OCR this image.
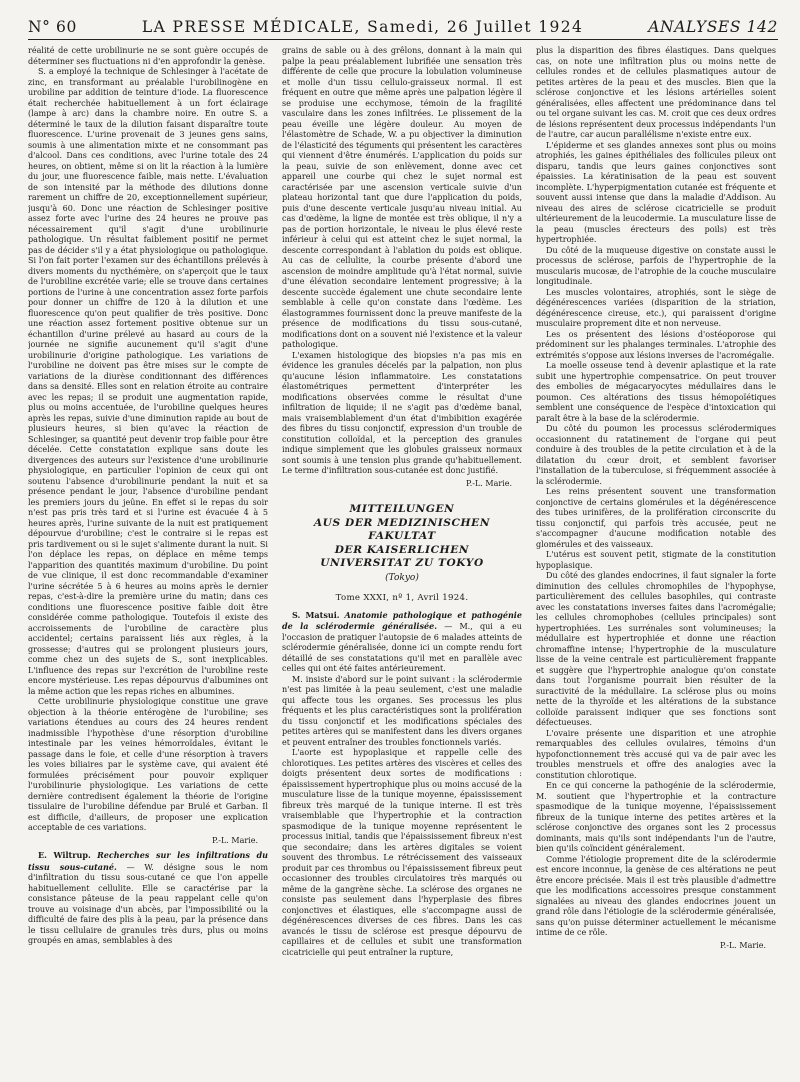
N° 60	LA PRESSE MÉDICALE, Samedi, 26 Juillet 1924	ANALYSES 142

réalité de cette urobilinurie ne se sont guère occupés de déterminer ses fluctuations ni d'en approfondir la genèse.

S. a employé la technique de Schlesinger à l'acétate de zinc, en transformant au préalable l'urobilinogène en urobiline par addition de teinture d'iode. La fluorescence était recherchée habituellement à un fort éclairage (lampe à arc) dans la chambre noire. En outre S. a déterminé le taux de la dilution faisant disparaître toute fluorescence. L'urine provenait de 3 jeunes gens sains, soumis à une alimentation mixte et ne consommant pas d'alcool. Dans ces conditions, avec l'urine totale des 24 heures, on obtient, même si on lit la réaction à la lumière du jour, une fluorescence faible, mais nette. L'évaluation de son intensité par la méthode des dilutions donne rarement un chiffre de 20, exceptionnellement supérieur, jusqu'à 60. Donc une réaction de Schlesinger positive assez forte avec l'urine des 24 heures ne prouve pas nécessairement qu'il s'agit d'une urobilinurie pathologique. Un résultat faiblement positif ne permet pas de décider s'il y a état physiologique ou pathologique. Si l'on fait porter l'examen sur des échantillons prélevés à divers moments du nycthémère, on s'aperçoit que le taux de l'urobiline excrétée varie; elle se trouve dans certaines portions de l'urine à une concentration assez forte parfois pour donner un chiffre de 120 à la dilution et une fluorescence qu'on peut qualifier de très positive. Donc une réaction assez fortement positive obtenue sur un échantillon d'urine prélevé au hasard au cours de la journée ne signifie aucunement qu'il s'agit d'une urobilinurie d'origine pathologique. Les variations de l'urobiline ne doivent pas être mises sur le compte de variations de la diurèse conditionnant des différences dans sa densité. Elles sont en relation étroite au contraire avec les repas; il se produit une augmentation rapide, plus ou moins accentuée, de l'urobiline quelques heures après les repas, suivie d'une diminution rapide au bout de plusieurs heures, si bien qu'avec la réaction de Schlesinger, sa quantité peut devenir trop faible pour être décelée. Cette constatation explique sans doute les divergences des auteurs sur l'existence d'une urobilinurie physiologique, en particulier l'opinion de ceux qui ont soutenu l'absence d'urobilinurie pendant la nuit et sa présence pendant le jour, l'absence d'urobiline pendant les premiers jours du jeûne. En effet si le repas du soir n'est pas pris très tard et si l'urine est évacuée 4 à 5 heures après, l'urine suivante de la nuit est pratiquement dépourvue d'urobiline; c'est le contraire si le repas est pris tardivement ou si le sujet s'alimente durant la nuit. Si l'on déplace les repas, on déplace en même temps l'apparition des quantités maximum d'urobiline. Du point de vue clinique, il est donc recommandable d'examiner l'urine sécrétée 5 à 6 heures au moins après le dernier repas, c'est-à-dire la première urine du matin; dans ces conditions une fluorescence positive faible doit être considérée comme pathologique. Toutefois il existe des accroissements de l'urobiline de caractère plus accidentel; certains paraissent liés aux règles, à la grossesse; d'autres qui se prolongent plusieurs jours, comme chez un des sujets de S., sont inexplicables. L'influence des repas sur l'excrétion de l'urobiline reste encore mystérieuse. Les repas dépourvus d'albumines ont la même action que les repas riches en albumines.

Cette urobilinurie physiologique constitue une grave objection à la théorie entérogène de l'urobiline; ses variations étendues au cours des 24 heures rendent inadmissible l'hypothèse d'une résorption d'urobiline intestinale par les veines hémorroïdales, évitant le passage dans le foie, et celle d'une résorption à travers les voies biliaires par le système cave, qui avaient été formulées précisément pour pouvoir expliquer l'urobilinurie physiologique. Les variations de cette dernière contredisent également la théorie de l'origine tissulaire de l'urobiline défendue par Brulé et Garban. Il est difficile, d'ailleurs, de proposer une explication acceptable de ces variations.

P.-L. Marie.

E. Wiltrup. Recherches sur les infiltrations du tissu sous-cutané. — W. désigne sous le nom d'infiltration du tissu sous-cutané ce que l'on appelle habituellement cellulite. Elle se caractérise par la consistance pâteuse de la peau rappelant celle qu'on trouve au voisinage d'un abcès, par l'impossibilité ou la difficulté de faire des plis à la peau, par la présence dans le tissu cellulaire de granules très durs, plus ou moins groupés en amas, semblables à des

grains de sable ou à des grêlons, donnant à la main qui palpe la peau préalablement lubrifiée une sensation très différente de celle que procure la lobulation volumineuse et molle d'un tissu cellulo-graisseux normal. Il est fréquent en outre que même après une palpation légère il se produise une ecchymose, témoin de la fragilité vasculaire dans les zones infiltrées. Le plissement de la peau éveille une légère douleur. Au moyen de l'élastomètre de Schade, W. a pu objectiver la diminution de l'élasticité des téguments qui présentent les caractères qui viennent d'être énumérés. L'application du poids sur la peau, suivie de son enlèvement, donne avec cet appareil une courbe qui chez le sujet normal est caractérisée par une ascension verticale suivie d'un plateau horizontal tant que dure l'application du poids, puis d'une descente verticale jusqu'au niveau initial. Au cas d'œdème, la ligne de montée est très oblique, il n'y a pas de portion horizontale, le niveau le plus élevé reste inférieur à celui qui est atteint chez le sujet normal, la descente correspondant à l'ablation du poids est oblique. Au cas de cellulite, la courbe présente d'abord une ascension de moindre amplitude qu'à l'état normal, suivie d'une élévation secondaire lentement progressive; à la descente succède également une chute secondaire lente semblable à celle qu'on constate dans l'œdème. Les élastogrammes fournissent donc la preuve manifeste de la présence de modifications du tissu sous-cutané, modifications dont on a souvent nié l'existence et la valeur pathologique.

L'examen histologique des biopsies n'a pas mis en évidence les granules décelés par la palpation, non plus qu'aucune lésion inflammatoire. Les constatations élastométriques permettent d'interpréter les modifications observées comme le résultat d'une infiltration de liquide; il ne s'agit pas d'œdème banal, mais vraisemblablement d'un état d'imbibition exagérée des fibres du tissu conjonctif, expression d'un trouble de constitution colloïdal, et la perception des granules indique simplement que les globules graisseux normaux sont soumis à une tension plus grande qu'habituellement. Le terme d'infiltration sous-cutanée est donc justifié.

P.-L. Marie.
MITTEILUNGEN
AUS DER MEDIZINISCHEN FAKULTAT
DER KAISERLICHEN
UNIVERSITAT ZU TOKYO
(Tokyo)
Tome XXXI, nº 1, Avril 1924.

S. Matsui. Anatomie pathologique et pathogénie de la sclérodermie généralisée. — M., qui a eu l'occasion de pratiquer l'autopsie de 6 malades atteints de sclérodermie généralisée, donne ici un compte rendu fort détaillé de ses constatations qu'il met en parallèle avec celles qui ont été faites antérieurement.

M. insiste d'abord sur le point suivant : la sclérodermie n'est pas limitée à la peau seulement, c'est une maladie qui affecte tous les organes. Ses processus les plus fréquents et les plus caractéristiques sont la prolifération du tissu conjonctif et les modifications spéciales des petites artères qui se manifestent dans les divers organes et peuvent entraîner des troubles fonctionnels variés.

L'aorte est hypoplasique et rappelle celle des chlorotiques. Les petites artères des viscères et celles des doigts présentent deux sortes de modifications : épaississement hypertrophique plus ou moins accusé de la musculature lisse de la tunique moyenne, épaississement fibreux très marqué de la tunique interne. Il est très vraisemblable que l'hypertrophie et la contraction spasmodique de la tunique moyenne représentent le processus initial, tandis que l'épaississement fibreux n'est que secondaire; dans les artères digitales se voient souvent des thrombus. Le rétrécissement des vaisseaux produit par ces thrombus ou l'épaississement fibreux peut occasionner des troubles circulatoires très marqués ou même de la gangrène sèche. La sclérose des organes ne consiste pas seulement dans l'hyperplasie des fibres conjonctives et élastiques, elle s'accompagne aussi de dégénérescences diverses de ces fibres. Dans les cas avancés le tissu de sclérose est presque dépourvu de capillaires et de cellules et subit une transformation cicatricielle qui peut entraîner la rupture,

plus la disparition des fibres élastiques. Dans quelques cas, on note une infiltration plus ou moins nette de cellules rondes et de cellules plasmatiques autour de petites artères de la peau et des muscles. Bien que la sclérose conjonctive et les lésions artérielles soient généralisées, elles affectent une prédominance dans tel ou tel organe suivant les cas. M. croit que ces deux ordres de lésions représentent deux processus indépendants l'un de l'autre, car aucun parallélisme n'existe entre eux.

L'épiderme et ses glandes annexes sont plus ou moins atrophiés, les gaines épithéliales des follicules pileux ont disparu, tandis que leurs gaines conjonctives sont épaissies. La kératinisation de la peau est souvent incomplète. L'hyperpigmentation cutanée est fréquente et souvent aussi intense que dans la maladie d'Addison. Au niveau des aires de sclérose cicatricielle se produit ultérieurement de la leucodermie. La musculature lisse de la peau (muscles érecteurs des poils) est très hypertrophiée.

Du côté de la muqueuse digestive on constate aussi le processus de sclérose, parfois de l'hypertrophie de la muscularis mucosæ, de l'atrophie de la couche musculaire longitudinale.

Les muscles volontaires, atrophiés, sont le siège de dégénérescences variées (disparition de la striation, dégénérescence cireuse, etc.), qui paraissent d'origine musculaire proprement dite et non nerveuse.

Les os présentent des lésions d'ostéoporose qui prédominent sur les phalanges terminales. L'atrophie des extrémités s'oppose aux lésions inverses de l'acromégalie.

La moelle osseuse tend à devenir aplastique et la rate subit une hypertrophie compensatrice. On peut trouver des embolies de mégacaryocytes médullaires dans le poumon. Ces altérations des tissus hémopoïétiques semblent une conséquence de l'espèce d'intoxication qui paraît être à la base de la sclérodermie.

Du côté du poumon les processus sclérodermiques occasionnent du ratatinement de l'organe qui peut conduire à des troubles de la petite circulation et à de la dilatation du cœur droit, et semblent favoriser l'installation de la tuberculose, si fréquemment associée à la sclérodermie.

Les reins présentent souvent une transformation conjonctive de certains glomérules et la dégénérescence des tubes urinifères, de la prolifération circonscrite du tissu conjonctif, qui parfois très accusée, peut ne s'accompagner d'aucune modification notable des glomérules et des vaisseaux.

L'utérus est souvent petit, stigmate de la constitution hypoplasique.

Du côté des glandes endocrines, il faut signaler la forte diminution des cellules chromophiles de l'hypophyse, particulièrement des cellules basophiles, qui contraste avec les constatations inverses faites dans l'acromégalie; les cellules chromophobes (cellules principales) sont hypertrophiées. Les surrénales sont volumineuses; la médullaire est hypertrophiée et donne une réaction chromaffine intense; l'hypertrophie de la musculature lisse de la veine centrale est particulièrement frappante et suggère que l'hypertrophie analogue qu'on constate dans tout l'organisme pourrait bien résulter de la suractivité de la médullaire. La sclérose plus ou moins nette de la thyroïde et les altérations de la substance colloïde paraissent indiquer que ses fonctions sont défectueuses.

L'ovaire présente une disparition et une atrophie remarquables des cellules ovulaires, témoins d'un hypofonctionnement très accusé qui va de pair avec les troubles menstruels et offre des analogies avec la constitution chlorotique.

En ce qui concerne la pathogénie de la sclérodermie, M. soutient que l'hypertrophie et la contracture spasmodique de la tunique moyenne, l'épaississement fibreux de la tunique interne des petites artères et la sclérose conjonctive des organes sont les 2 processus dominants, mais qu'ils sont indépendants l'un de l'autre, bien qu'ils coïncident généralement.

Comme l'étiologie proprement dite de la sclérodermie est encore inconnue, la genèse de ces altérations ne peut être encore précisée. Mais il est très plausible d'admettre que les modifications accessoires presque constamment signalées au niveau des glandes endocrines jouent un grand rôle dans l'étiologie de la sclérodermie généralisée, sans qu'on puisse déterminer actuellement le mécanisme intime de ce rôle.

P.-L. Marie.
